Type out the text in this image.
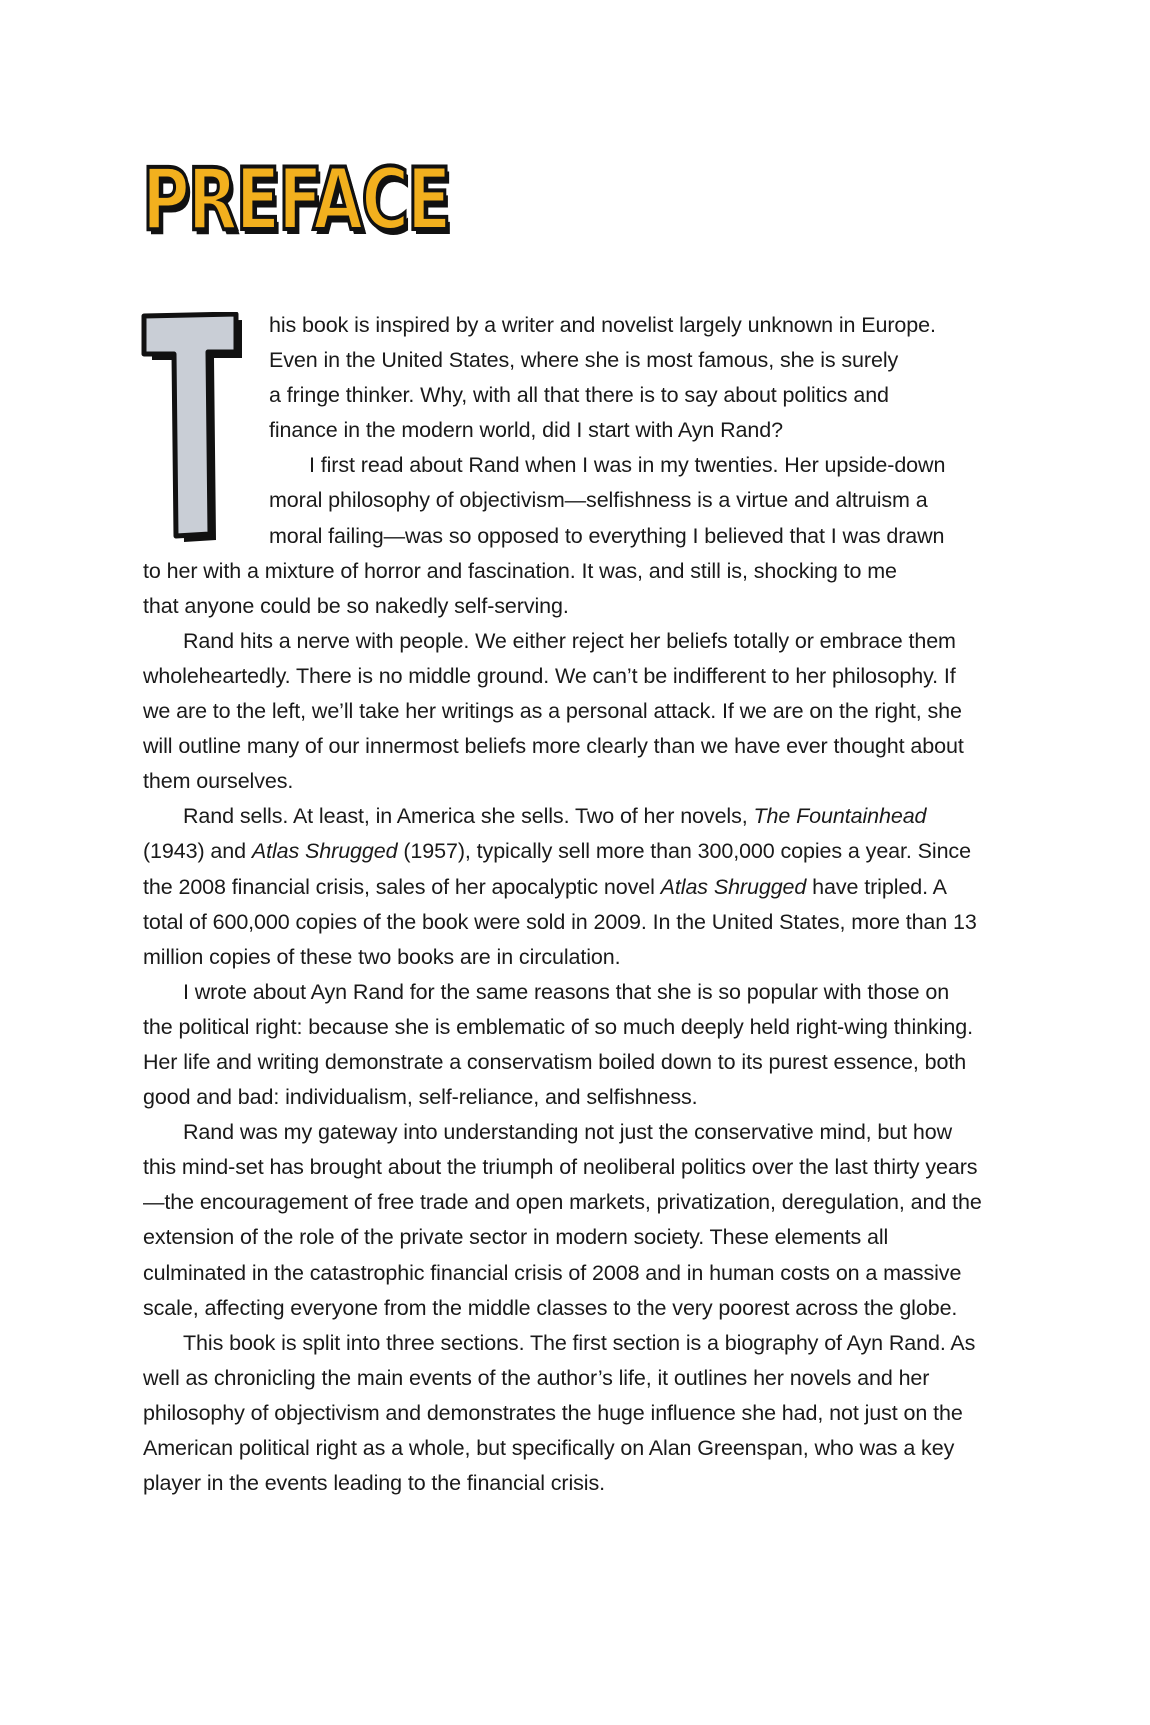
PREFACE
his book is inspired by a writer and novelist largely unknown in Europe.
Even in the United States, where she is most famous, she is surely
a fringe thinker. Why, with all that there is to say about politics and
finance in the modern world, did I start with Ayn Rand?
I first read about Rand when I was in my twenties. Her upside-down
moral philosophy of objectivism—selfishness is a virtue and altruism a
moral failing—was so opposed to everything I believed that I was drawn
to her with a mixture of horror and fascination. It was, and still is, shocking to me
that anyone could be so nakedly self-serving.

Rand hits a nerve with people. We either reject her beliefs totally or embrace them wholeheartedly. There is no middle ground. We can’t be indifferent to her philosophy. If we are to the left, we’ll take her writings as a personal attack. If we are on the right, she will outline many of our innermost beliefs more clearly than we have ever thought about them ourselves.

Rand sells. At least, in America she sells. Two of her novels, The Fountainhead (1943) and Atlas Shrugged (1957), typically sell more than 300,000 copies a year. Since the 2008 financial crisis, sales of her apocalyptic novel Atlas Shrugged have tripled. A total of 600,000 copies of the book were sold in 2009. In the United States, more than 13 million copies of these two books are in circulation.

I wrote about Ayn Rand for the same reasons that she is so popular with those on the political right: because she is emblematic of so much deeply held right-wing thinking. Her life and writing demonstrate a conservatism boiled down to its purest essence, both good and bad: individualism, self-reliance, and selfishness.

Rand was my gateway into understanding not just the conservative mind, but how this mind-set has brought about the triumph of neoliberal politics over the last thirty years—the encouragement of free trade and open markets, privatization, deregulation, and the extension of the role of the private sector in modern society. These elements all culminated in the catastrophic financial crisis of 2008 and in human costs on a massive scale, affecting everyone from the middle classes to the very poorest across the globe.

This book is split into three sections. The first section is a biography of Ayn Rand. As well as chronicling the main events of the author’s life, it outlines her novels and her philosophy of objectivism and demonstrates the huge influence she had, not just on the American political right as a whole, but specifically on Alan Greenspan, who was a key player in the events leading to the financial crisis.
